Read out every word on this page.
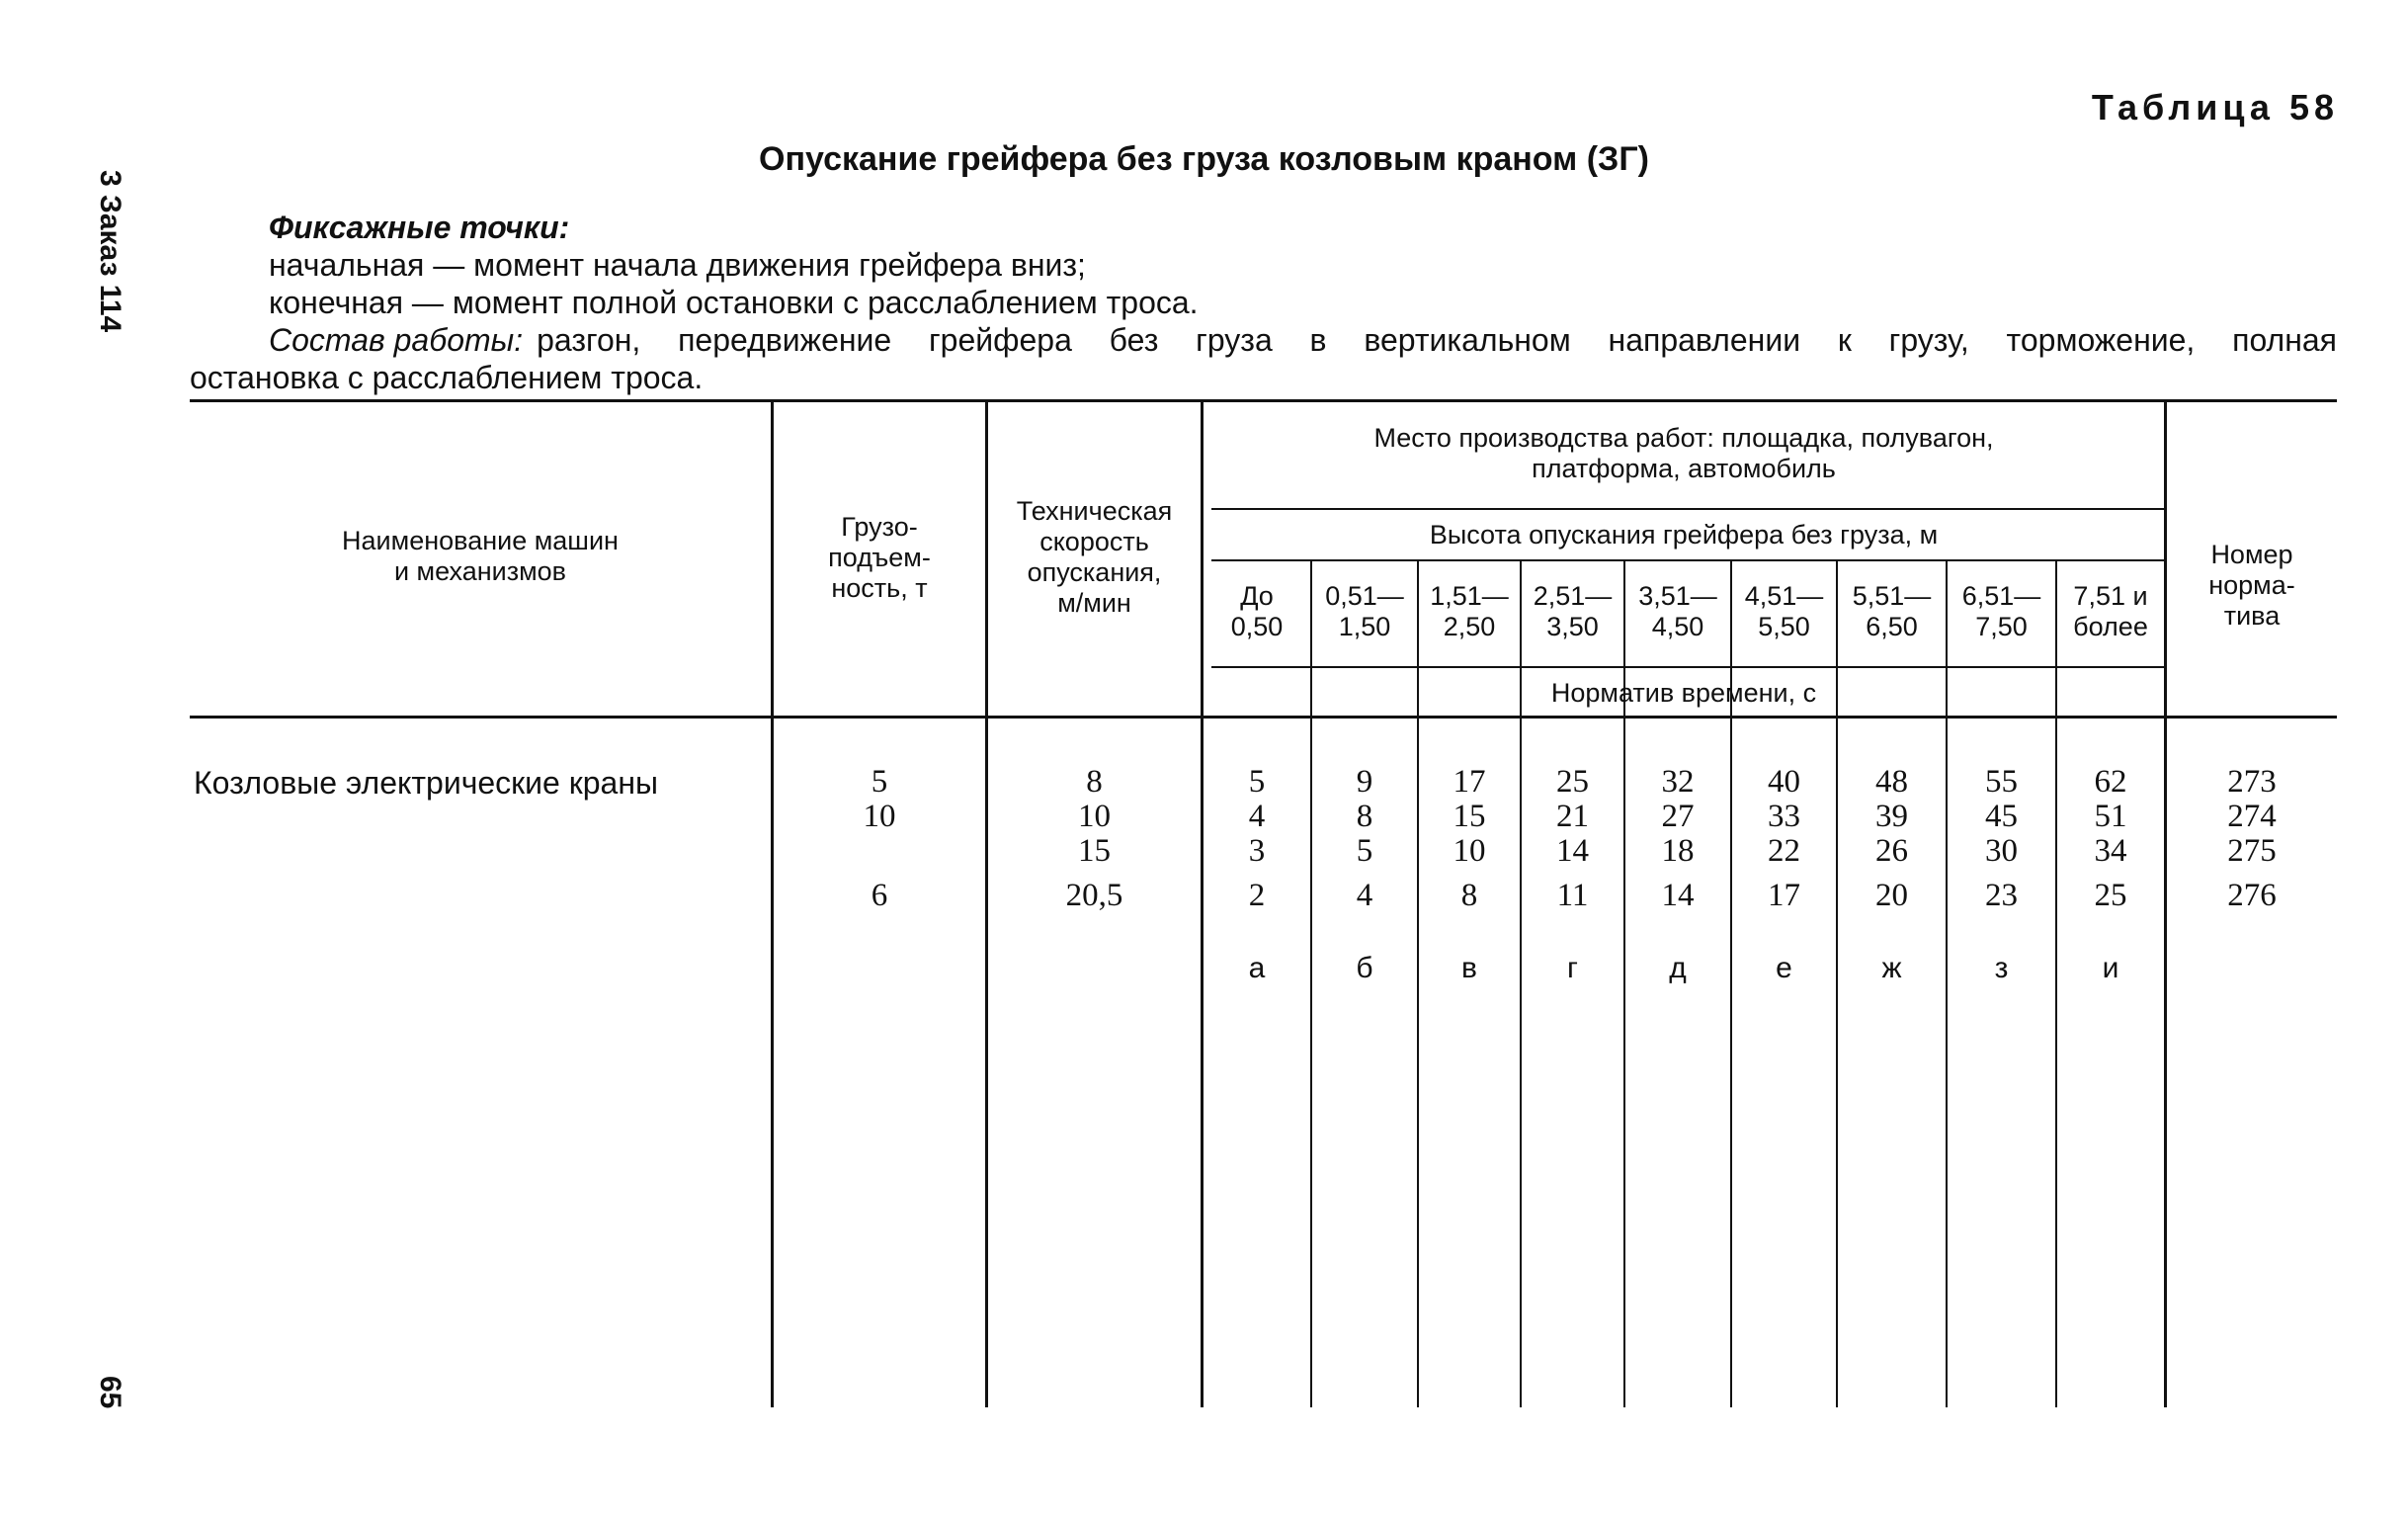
3 Заказ 114
65
Таблица 58
Опускание грейфера без груза козловым краном (ЗГ)
Фиксажные точки:
начальная — момент начала движения грейфера вниз;
конечная — момент полной остановки с расслаблением троса.
Состав работы: разгон, передвижение грейфера без груза в вертикальном направлении к грузу, торможение, полная
остановка с расслаблением троса.
Наименование машин
и механизмов
Грузо-
подъем-
ность, т
Техническая
скорость
опускания,
м/мин
Место производства работ: площадка, полувагон,
платформа, автомобиль
Высота опускания грейфера без груза, м
Норматив времени, с
Номер
норма-
тива
До
0,50
0,51—
1,50
1,51—
2,50
2,51—
3,50
3,51—
4,50
4,51—
5,50
5,51—
6,50
6,51—
7,50
7,51 и
более
Козловые электрические краны	5
10
6
8
10
15
20,5
5
4
3
2
а
9
8
5
4
б
17
15
10
8
в
25
21
14
11
г
32
27
18
14
д
40
33
22
17
е
48
39
26
20
ж
55
45
30
23
з
62
51
34
25
и
273
274
275
276
